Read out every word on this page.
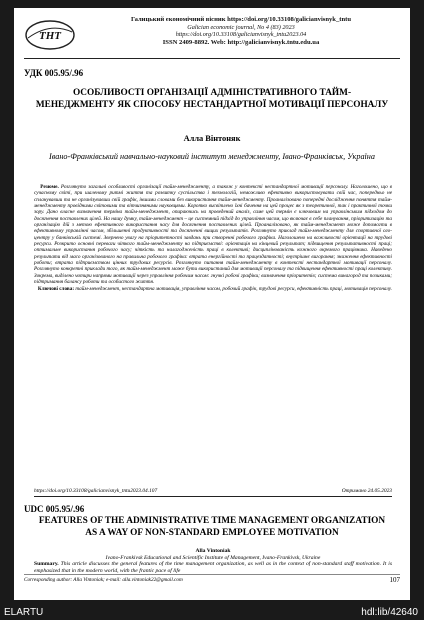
ТНТ
Галицький економічний вісник https://doi.org/10.33108/galicianvisnyk_tntu
Galician economic journal, No 4 (83) 2023
https://doi.org/10.33108/galicianvisnyk_tntu2023.04
ISSN 2409-8892. Web: http://galicianvisnyk.tntu.edu.ua
УДК 005.95/.96
ОСОБЛИВОСТІ ОРГАНІЗАЦІЇ АДМІНІСТРАТИВНОГО ТАЙМ-МЕНЕДЖМЕНТУ ЯК СПОСОБУ НЕСТАНДАРТНОЇ МОТИВАЦІЇ ПЕРСОНАЛУ
Алла Вінтоняк
Івано-Франківський навчально-науковий інститут менеджменту, Івано-Франківськ, Україна
Резюме. Розглянуто загальні особливості організації тайм-менеджменту, а також у контексті нестандартної мотивації персоналу. Наголошено, що в сучасному світі, при шаленому ритмі життя та розвитку суспільства і технологій, неможливо ефективно використовувати свій час, попередньо не спланувавши та не організувавши свій графік, іншими словами без використання тайм-менеджменту. Проаналізовано попередні дослідження поняття тайм-менеджменту провідними світовими та вітчизняними науковцями. Коротко висвітлено їхні бачення на цей процес як з теоретичної, так і практичної точки зору. Дано власне визначення терміна тайм-менеджмент, опираючись на проведений аналіз, саме цей термін є ключовим на управлінським підходом до досягнення поставлених цілей. На нашу думку, тайм-менеджмент – це системний підхід до управління часом, що включає в себе планування, пріоритизацію та організацію дій з метою ефективного використання часу для досягнення поставлених цілей. Проаналізовано, як тайм-менеджмент може допомогти в ефективному управлінні часом, збільшенні продуктивності та досягненні вищих результатів. Розглянуто приклад тайм-менеджменту для спортивної ого-центру у банківській системі. Звернено увагу на пріоритетності завдань при створенні робочого графіка. Наголошено на важливості орієнтації на трудові ресурси. Розкрито основні переваги чіткого тайм-менеджменту на підприємстві: орієнтація на кінцевий результат; підвищення результативності праці; оптимальне використання робочого часу; чіткість та налагодженість праці в колективі; дисциплінованість кожного окремого працівника. Наведено результати від масо організованого на правильна робочого графіка: втрата енергійності та працездатності; внутрішнє вигорання; зниження ефективності роботи; втрата підприємством цінних трудових ресурсів. Розглянуто питання тайм-менеджменту в контексті нестандартної мотивації персоналу. Розглянуто конкретні приклади того, як тайм-менеджмент може бути використаний для мотивації персоналу та підвищення ефективності праці колективу. Зокрема, виділено чотири напрями мотивації через управління робочим часом: гнучкі робочі графіки; визначення пріоритетів; система винагород та позиками; підтримання балансу роботи та особистого життя.
Ключові слова: тайм-менеджмент, нестандартна мотивація, управління часом, робочий графік, трудові ресурси, ефективність праці, мотивація персоналу.
https://doi.org/10.33108/galicianvisnyk_tntu2023.04.107	Отримано 24.05.2023
UDC 005.95/.96
FEATURES OF THE ADMINISTRATIVE TIME MANAGEMENT ORGANIZATION AS A WAY OF NON-STANDARD EMPLOYEE MOTIVATION
Corresponding author: Alla Vintoniak; e-mail: alla.vintoniak22@gmail.com	107
Alla Vintoniak
Ivano-Frankivsk Educational and Scientific Institute of Management, Ivano-Frankivsk, Ukraine
Summary. This article discusses the general features of the time management organization, as well as in the context of non-standard staff motivation. It is emphasized that in the modern world, with the frantic pace of life
ELARTU	hdl:lib/42640
